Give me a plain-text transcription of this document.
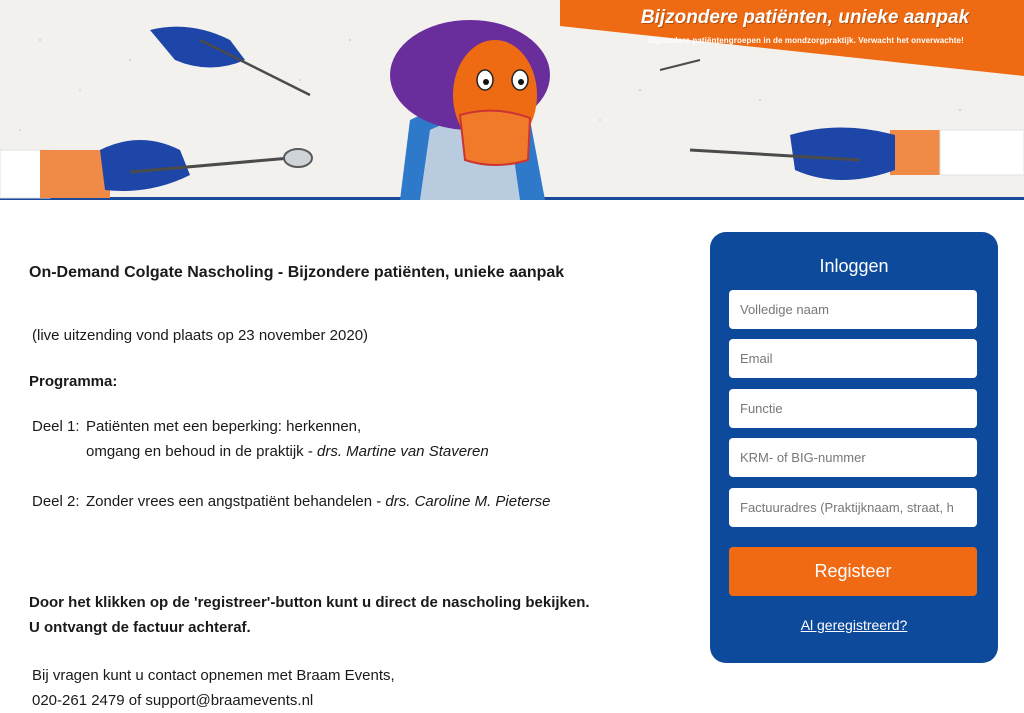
Bijzondere patiënten, unieke aanpak
Bijzondere patiëntengroepen in de mondzorgpraktijk. Verwacht het onverwachte!
On-Demand Colgate Nascholing - Bijzondere patiënten, unieke aanpak
(live uitzending vond plaats op 23 november 2020)
Programma:
Deel 1: Patiënten met een beperking: herkennen,
omgang en behoud in de praktijk - drs. Martine van Staveren
Deel 2: Zonder vrees een angstpatiënt behandelen - drs. Caroline M. Pieterse
Door het klikken op de 'registreer'-button kunt u direct de nascholing bekijken.
U ontvangt de factuur achteraf.
Bij vragen kunt u contact opnemen met Braam Events,
020-261 2479 of support@braamevents.nl
Inloggen
Volledige naam
Email
Functie
KRM- of BIG-nummer
Factuuradres (Praktijknaam, straat, h
Registeer
Al geregistreerd?
